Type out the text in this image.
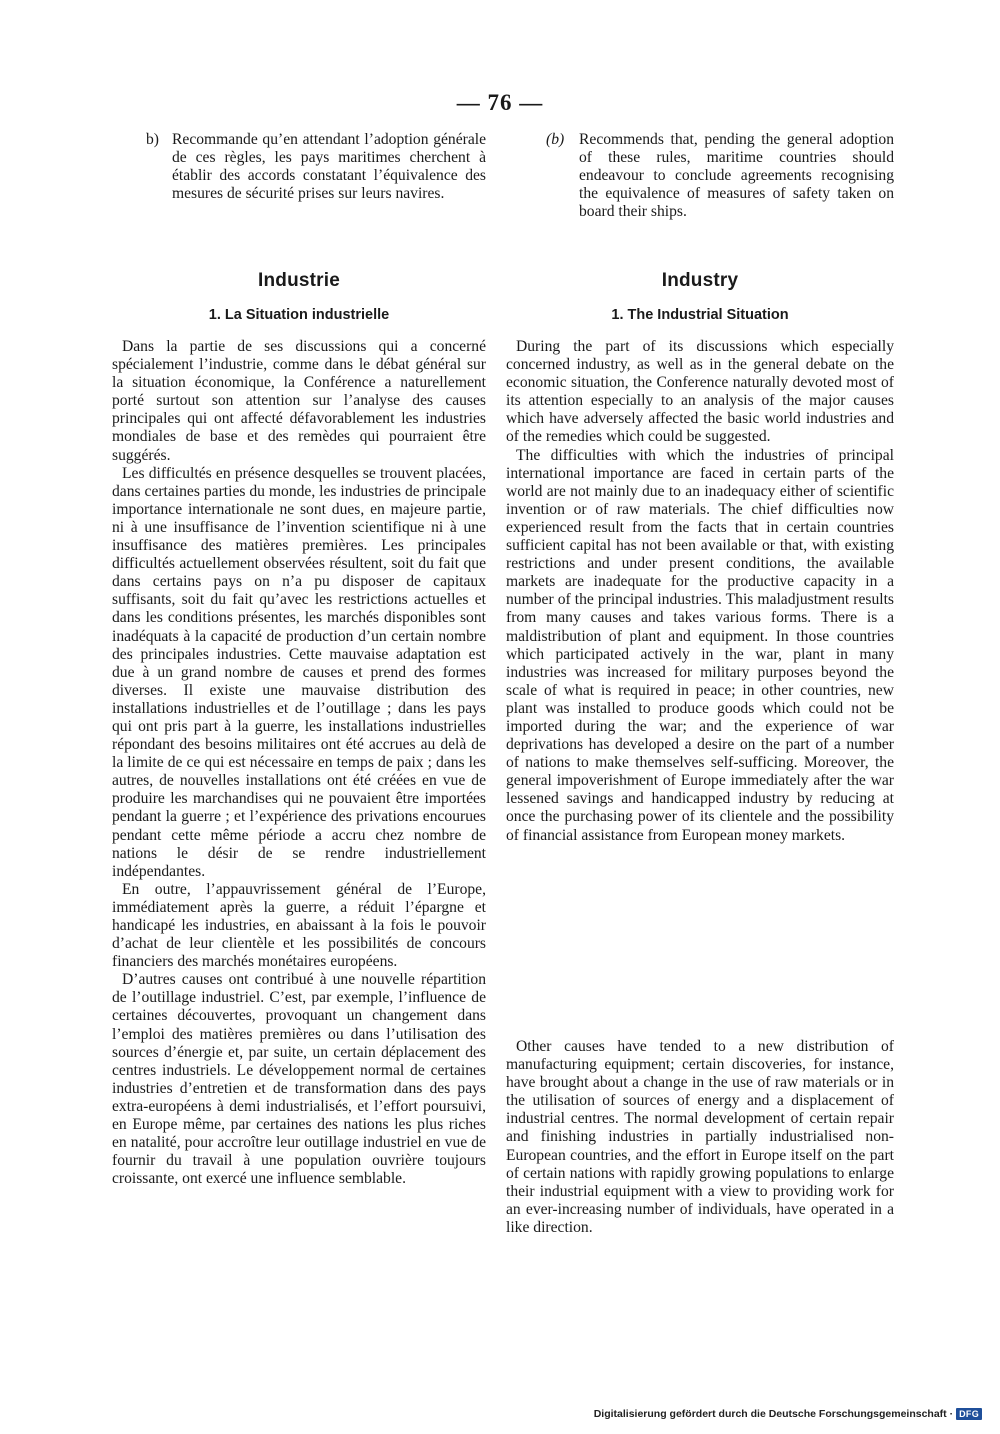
— 76 —
b) Recommande qu’en attendant l’adoption générale de ces règles, les pays maritimes cherchent à établir des accords constatant l’équivalence des mesures de sécurité prises sur leurs navires.

Industrie
1. La Situation industrielle

Dans la partie de ses discussions qui a concerné spécialement l’industrie, comme dans le débat général sur la situation économique, la Conférence a naturellement porté surtout son attention sur l’analyse des causes principales qui ont affecté défavorablement les industries mondiales de base et des remèdes qui pourraient être suggérés.

Les difficultés en présence desquelles se trouvent placées, dans certaines parties du monde, les industries de principale importance internationale ne sont dues, en majeure partie, ni à une insuffisance de l’invention scientifique ni à une insuffisance des matières premières. Les principales difficultés actuellement observées résultent, soit du fait que dans certains pays on n’a pu disposer de capitaux suffisants, soit du fait qu’avec les restrictions actuelles et dans les conditions présentes, les marchés disponibles sont inadéquats à la capacité de production d’un certain nombre des principales industries. Cette mauvaise adaptation est due à un grand nombre de causes et prend des formes diverses. Il existe une mauvaise distribution des installations industrielles et de l’outillage ; dans les pays qui ont pris part à la guerre, les installations industrielles répondant des besoins militaires ont été accrues au delà de la limite de ce qui est nécessaire en temps de paix ; dans les autres, de nouvelles installations ont été créées en vue de produire les marchandises qui ne pouvaient être importées pendant la guerre ; et l’expérience des privations encourues pendant cette même période a accru chez nombre de nations le désir de se rendre industriellement indépendantes.

En outre, l’appauvrissement général de l’Europe, immédiatement après la guerre, a réduit l’épargne et handicapé les industries, en abaissant à la fois le pouvoir d’achat de leur clientèle et les possibilités de concours financiers des marchés monétaires européens.

D’autres causes ont contribué à une nouvelle répartition de l’outillage industriel. C’est, par exemple, l’influence de certaines découvertes, provoquant un changement dans l’emploi des matières premières ou dans l’utilisation des sources d’énergie et, par suite, un certain déplacement des centres industriels. Le développement normal de certaines industries d’entretien et de transformation dans des pays extra-européens à demi industrialisés, et l’effort poursuivi, en Europe même, par certaines des nations les plus riches en natalité, pour accroître leur outillage industriel en vue de fournir du travail à une population ouvrière toujours croissante, ont exercé une influence semblable.

(b) Recommends that, pending the general adoption of these rules, maritime countries should endeavour to conclude agreements recognising the equivalence of measures of safety taken on board their ships.

Industry
1. The Industrial Situation

During the part of its discussions which especially concerned industry, as well as in the general debate on the economic situation, the Conference naturally devoted most of its attention especially to an analysis of the major causes which have adversely affected the basic world industries and of the remedies which could be suggested.

The difficulties with which the industries of principal international importance are faced in certain parts of the world are not mainly due to an inadequacy either of scientific invention or of raw materials. The chief difficulties now experienced result from the facts that in certain countries sufficient capital has not been available or that, with existing restrictions and under present conditions, the available markets are inadequate for the productive capacity in a number of the principal industries. This maladjustment results from many causes and takes various forms. There is a maldistribution of plant and equipment. In those countries which participated actively in the war, plant in many industries was increased for military purposes beyond the scale of what is required in peace; in other countries, new plant was installed to produce goods which could not be imported during the war; and the experience of war deprivations has developed a desire on the part of a number of nations to make themselves self-sufficing. Moreover, the general impoverishment of Europe immediately after the war lessened savings and handicapped industry by reducing at once the purchasing power of its clientele and the possibility of financial assistance from European money markets.

Other causes have tended to a new distribution of manufacturing equipment; certain discoveries, for instance, have brought about a change in the use of raw materials or in the utilisation of sources of energy and a displacement of industrial centres. The normal development of certain repair and finishing industries in partially industrialised non-European countries, and the effort in Europe itself on the part of certain nations with rapidly growing populations to enlarge their industrial equipment with a view to providing work for an ever-increasing number of individuals, have operated in a like direction.

Digitalisierung gefördert durch die Deutsche Forschungsgemeinschaft · DFG
